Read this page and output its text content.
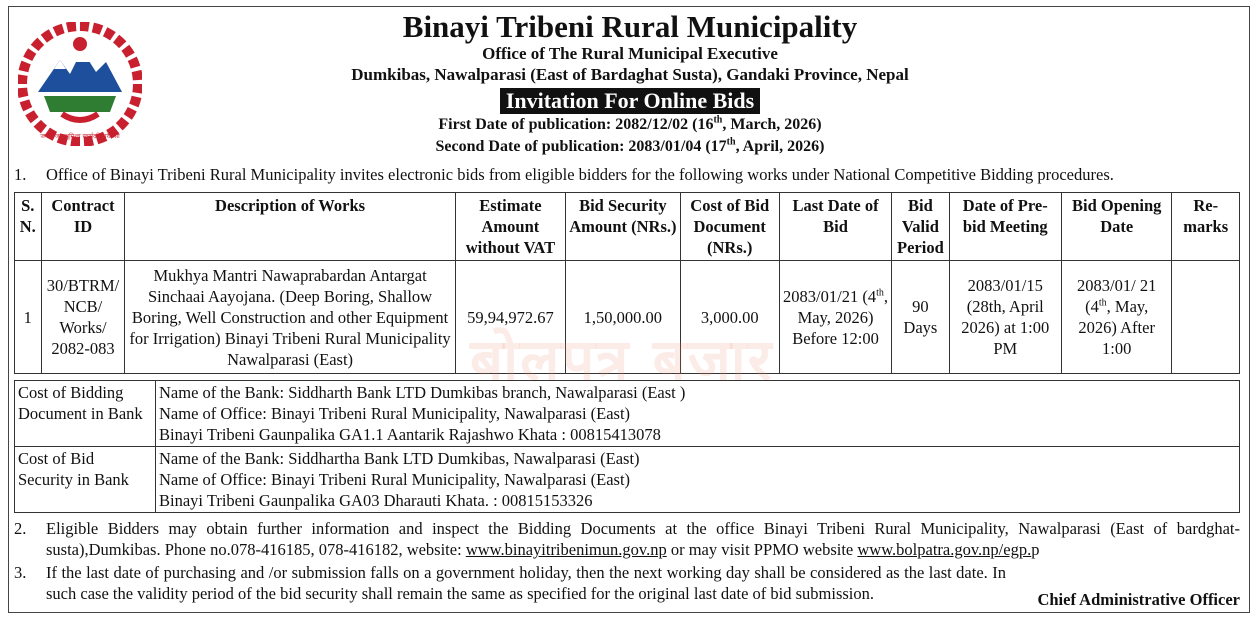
जननी जन्मभूमिश्च स्वर्गादपि गरीयसी
Binayi Tribeni Rural Municipality
Office of The Rural Municipal Executive
Dumkibas, Nawalparasi (East of Bardaghat Susta), Gandaki Province, Nepal
Invitation For Online Bids
First Date of publication: 2082/12/02 (16th, March, 2026)
Second Date of publication: 2083/01/04 (17th, April, 2026)
1. Office of Binayi Tribeni Rural Municipality invites electronic bids from eligible bidders for the following works under National Competitive Bidding procedures.
S. N.	Contract ID	Description of Works	Estimate Amount without VAT	Bid Security Amount (NRs.)	Cost of Bid Document (NRs.)	Last Date of Bid	Bid Valid Period	Date of Pre-bid Meeting	Bid Opening Date	Re-marks
1	30/BTRM/ NCB/ Works/ 2082-083	Mukhya Mantri Nawaprabardan Antargat Sinchaai Aayojana. (Deep Boring, Shallow Boring, Well Construction and other Equipment for Irrigation) Binayi Tribeni Rural Municipality Nawalparasi (East)	59,94,972.67	1,50,000.00	3,000.00	2083/01/21 (4th, May, 2026) Before 12:00	90 Days	2083/01/15 (28th, April 2026) at 1:00 PM	2083/01/ 21 (4th, May, 2026) After 1:00	
बोलपत्र बजार
Cost of Bidding Document in Bank	Name of the Bank: Siddharth Bank LTD Dumkibas branch, Nawalparasi (East )
Name of Office: Binayi Tribeni Rural Municipality, Nawalparasi (East)
Binayi Tribeni Gaunpalika GA1.1 Aantarik Rajashwo Khata : 00815413078

Cost of Bid Security in Bank	Name of the Bank: Siddhartha Bank LTD Dumkibas, Nawalparasi (East)
Name of Office: Binayi Tribeni Rural Municipality, Nawalparasi (East)
Binayi Tribeni Gaunpalika GA03 Dharauti Khata. : 00815153326
2. Eligible Bidders may obtain further information and inspect the Bidding Documents at the office Binayi Tribeni Rural Municipality, Nawalparasi (East of bardghat-susta),Dumkibas. Phone no.078-416185, 078-416182, website: www.binayitribenimun.gov.np or may visit PPMO website www.bolpatra.gov.np/egp.p
3. If the last date of purchasing and /or submission falls on a government holiday, then the next working day shall be considered as the last date. In such case the validity period of the bid security shall remain the same as specified for the original last date of bid submission.	Chief Administrative Officer
